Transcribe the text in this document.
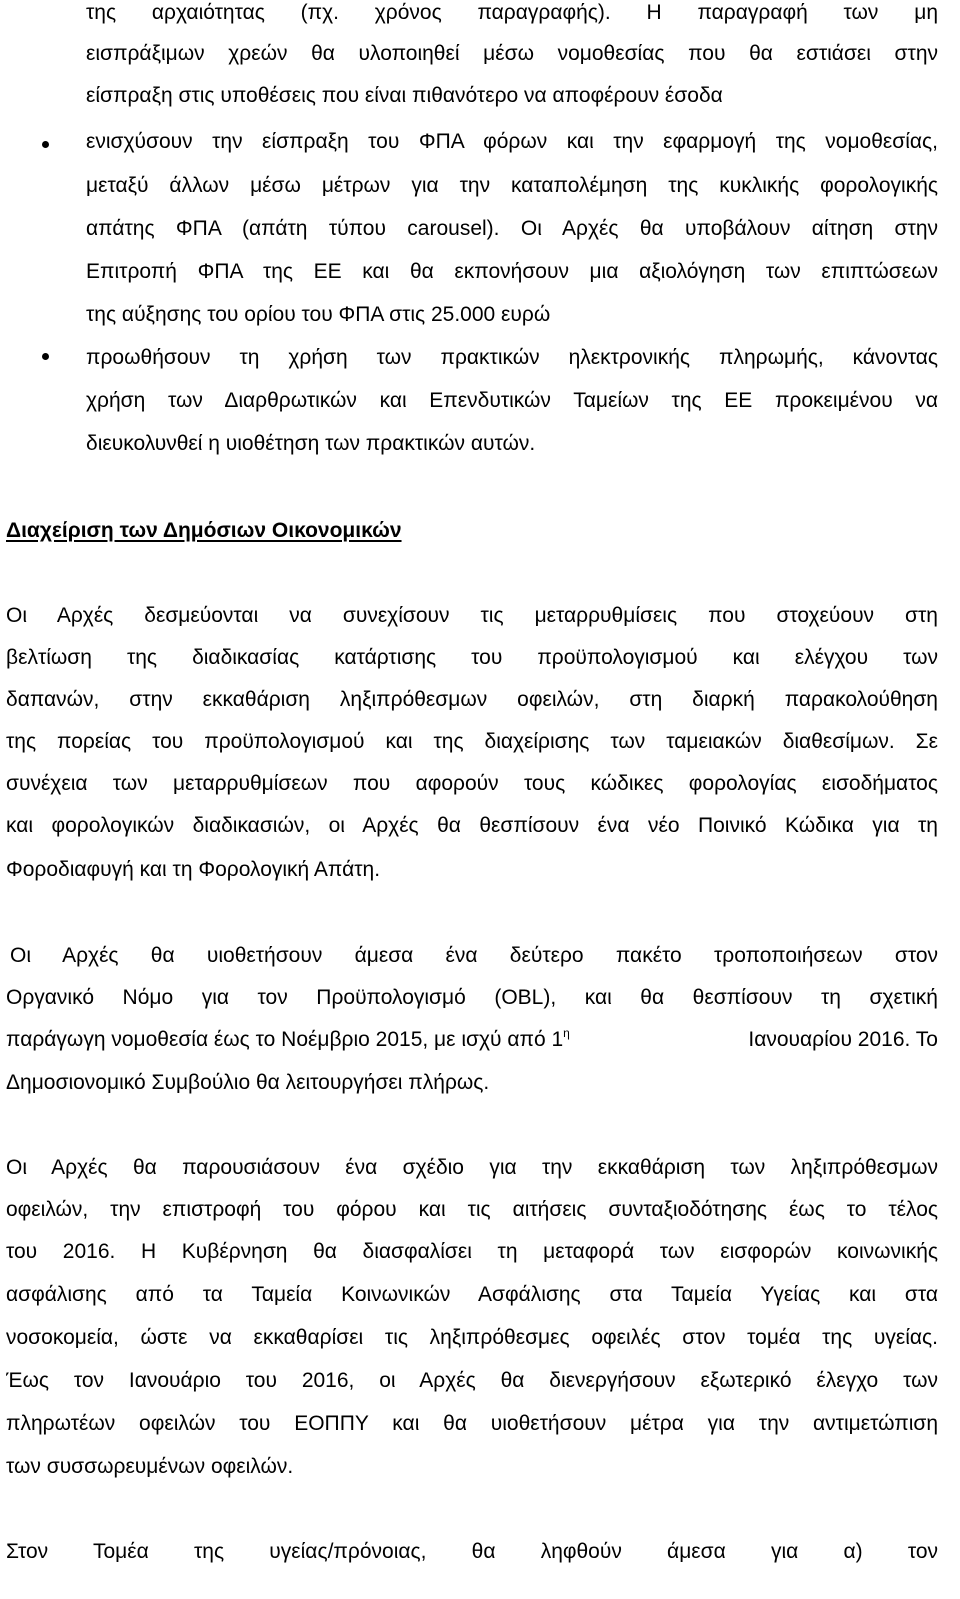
της αρχαιότητας (πχ. χρόνος παραγραφής). Η παραγραφή των μη
εισπράξιμων χρεών θα υλοποιηθεί μέσω νομοθεσίας που θα εστιάσει στην
είσπραξη στις υποθέσεις που είναι πιθανότερο να αποφέρουν έσοδα
ενισχύσουν την είσπραξη του ΦΠΑ φόρων και την εφαρμογή της νομοθεσίας,
μεταξύ άλλων μέσω μέτρων για την καταπολέμηση της κυκλικής φορολογικής
απάτης ΦΠΑ (απάτη τύπου carousel). Οι Αρχές θα υποβάλουν αίτηση στην
Επιτροπή ΦΠΑ της ΕΕ και θα εκπονήσουν μια αξιολόγηση των επιπτώσεων
της αύξησης του ορίου του ΦΠΑ στις 25.000 ευρώ
προωθήσουν τη χρήση των πρακτικών ηλεκτρονικής πληρωμής, κάνοντας
χρήση των Διαρθρωτικών και Επενδυτικών Ταμείων της ΕΕ προκειμένου να
διευκολυνθεί η υιοθέτηση των πρακτικών αυτών.
Διαχείριση των Δημόσιων Οικονομικών
Οι Αρχές δεσμεύονται να συνεχίσουν τις μεταρρυθμίσεις που στοχεύουν στη
βελτίωση της διαδικασίας κατάρτισης του προϋπολογισμού και ελέγχου των
δαπανών, στην εκκαθάριση ληξιπρόθεσμων οφειλών, στη διαρκή παρακολούθηση
της πορείας του προϋπολογισμού και της διαχείρισης των ταμειακών διαθεσίμων. Σε
συνέχεια των μεταρρυθμίσεων που αφορούν τους κώδικες φορολογίας εισοδήματος
και φορολογικών διαδικασιών, οι Αρχές θα θεσπίσουν ένα νέο Ποινικό Κώδικα για τη
Φοροδιαφυγή και τη Φορολογική Απάτη.
Οι Αρχές θα υιοθετήσουν άμεσα ένα δεύτερο πακέτο τροποποιήσεων στον
Οργανικό Νόμο για τον Προϋπολογισμό (OBL), και θα θεσπίσουν τη σχετική
παράγωγη νομοθεσία έως το Νοέμβριο 2015, με ισχύ από $1^\eta$	Ιανουαρίου 2016. Το
Δημοσιονομικό Συμβούλιο θα λειτουργήσει πλήρως.
Οι Αρχές θα παρουσιάσουν ένα σχέδιο για την εκκαθάριση των ληξιπρόθεσμων
οφειλών, την επιστροφή του φόρου και τις αιτήσεις συνταξιοδότησης έως το τέλος
του 2016. Η Κυβέρνηση θα διασφαλίσει τη μεταφορά των εισφορών κοινωνικής
ασφάλισης από τα Ταμεία Κοινωνικών Ασφάλισης στα Ταμεία Υγείας και στα
νοσοκομεία, ώστε να εκκαθαρίσει τις ληξιπρόθεσμες οφειλές στον τομέα της υγείας.
Έως τον Ιανουάριο του 2016, οι Αρχές θα διενεργήσουν εξωτερικό έλεγχο των
πληρωτέων οφειλών του ΕΟΠΠΥ και θα υιοθετήσουν μέτρα για την αντιμετώπιση
των συσσωρευμένων οφειλών.
Στον Τομέα της υγείας/πρόνοιας, θα ληφθούν άμεσα για α) τον
